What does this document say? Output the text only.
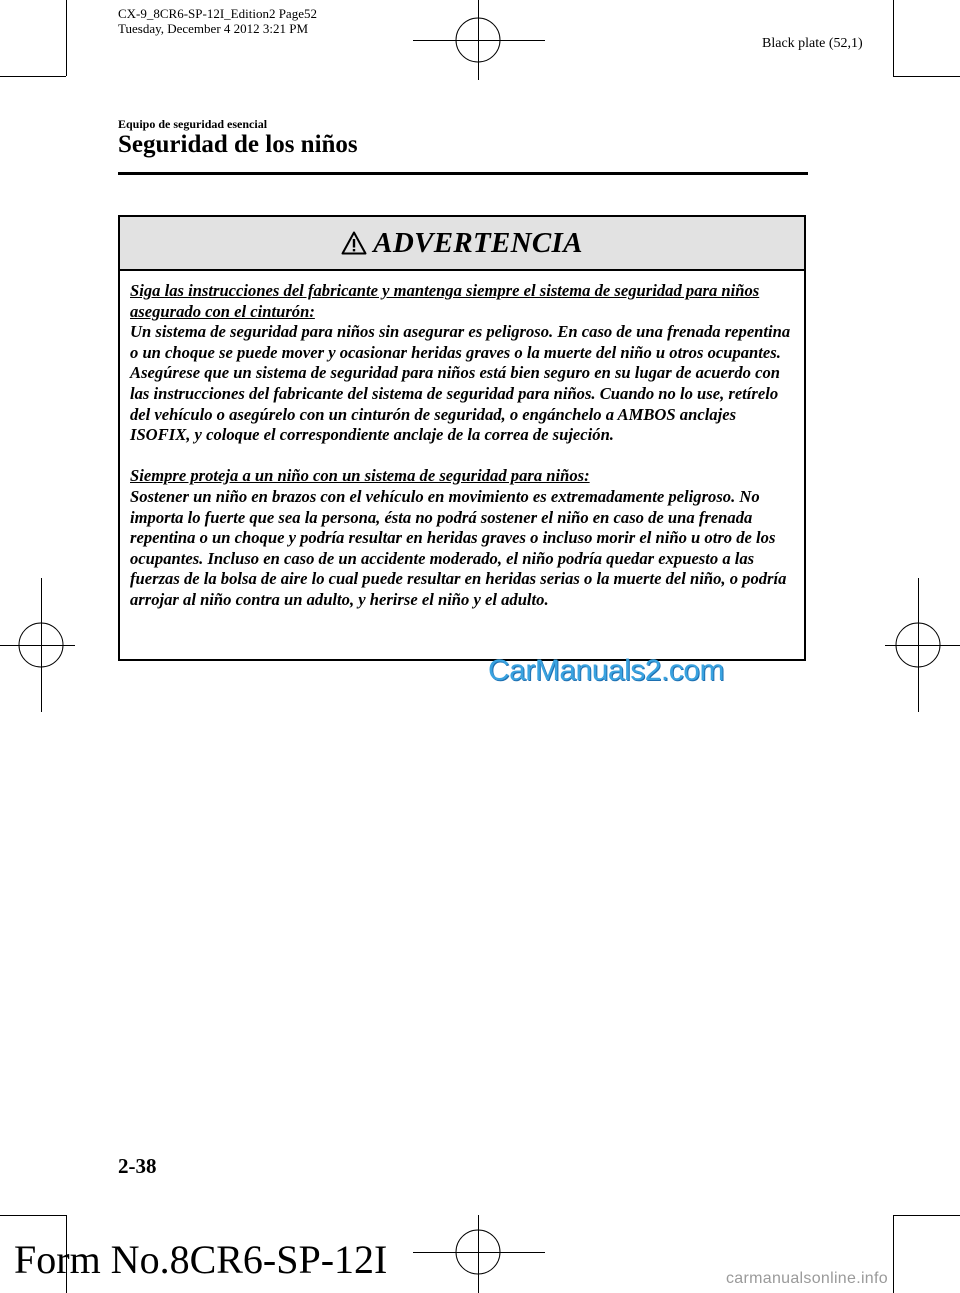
CX-9_8CR6-SP-12I_Edition2 Page52
Tuesday, December 4 2012 3:21 PM
Black plate (52,1)
Equipo de seguridad esencial
Seguridad de los niños
ADVERTENCIA

Siga las instrucciones del fabricante y mantenga siempre el sistema de seguridad para niños asegurado con el cinturón:

Un sistema de seguridad para niños sin asegurar es peligroso. En caso de una frenada repentina o un choque se puede mover y ocasionar heridas graves o la muerte del niño u otros ocupantes. Asegúrese que un sistema de seguridad para niños está bien seguro en su lugar de acuerdo con las instrucciones del fabricante del sistema de seguridad para niños. Cuando no lo use, retírelo del vehículo o asegúrelo con un cinturón de seguridad, o engánchelo a AMBOS anclajes ISOFIX, y coloque el correspondiente anclaje de la correa de sujeción.

Siempre proteja a un niño con un sistema de seguridad para niños:

Sostener un niño en brazos con el vehículo en movimiento es extremadamente peligroso. No importa lo fuerte que sea la persona, ésta no podrá sostener el niño en caso de una frenada repentina o un choque y podría resultar en heridas graves o incluso morir el niño u otro de los ocupantes. Incluso en caso de un accidente moderado, el niño podría quedar expuesto a las fuerzas de la bolsa de aire lo cual puede resultar en heridas serias o la muerte del niño, o podría arrojar al niño contra un adulto, y herirse el niño y el adulto.

CarManuals2.com
2-38
Form No.8CR6-SP-12I	carmanualsonline.info
